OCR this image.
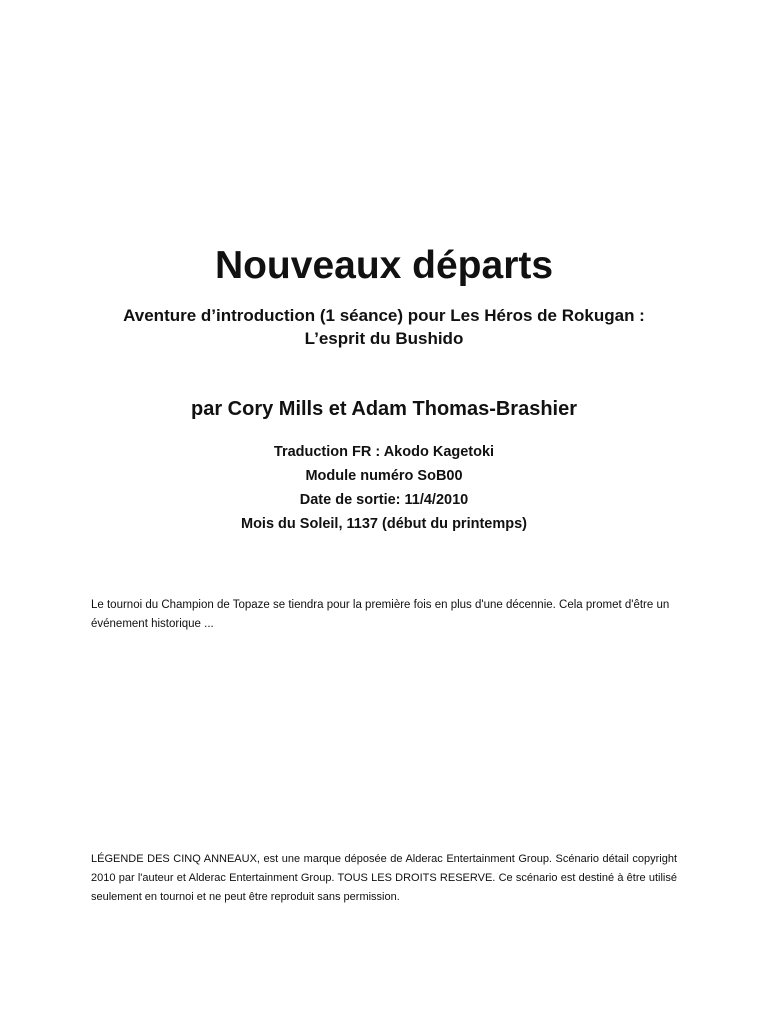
Nouveaux départs
Aventure d’introduction (1 séance) pour Les Héros de Rokugan :
L’esprit du Bushido
par Cory Mills et Adam Thomas-Brashier
Traduction FR : Akodo Kagetoki
Module numéro SoB00
Date de sortie: 11/4/2010
Mois du Soleil, 1137 (début du printemps)
Le tournoi du Champion de Topaze se tiendra pour la première fois en plus d'une décennie. Cela promet d'être un événement historique ...
LÉGENDE DES CINQ ANNEAUX, est une marque déposée de Alderac Entertainment Group. Scénario détail copyright 2010 par l'auteur et Alderac Entertainment Group. TOUS LES DROITS RESERVE. Ce scénario est destiné à être utilisé seulement en tournoi et ne peut être reproduit sans permission.
